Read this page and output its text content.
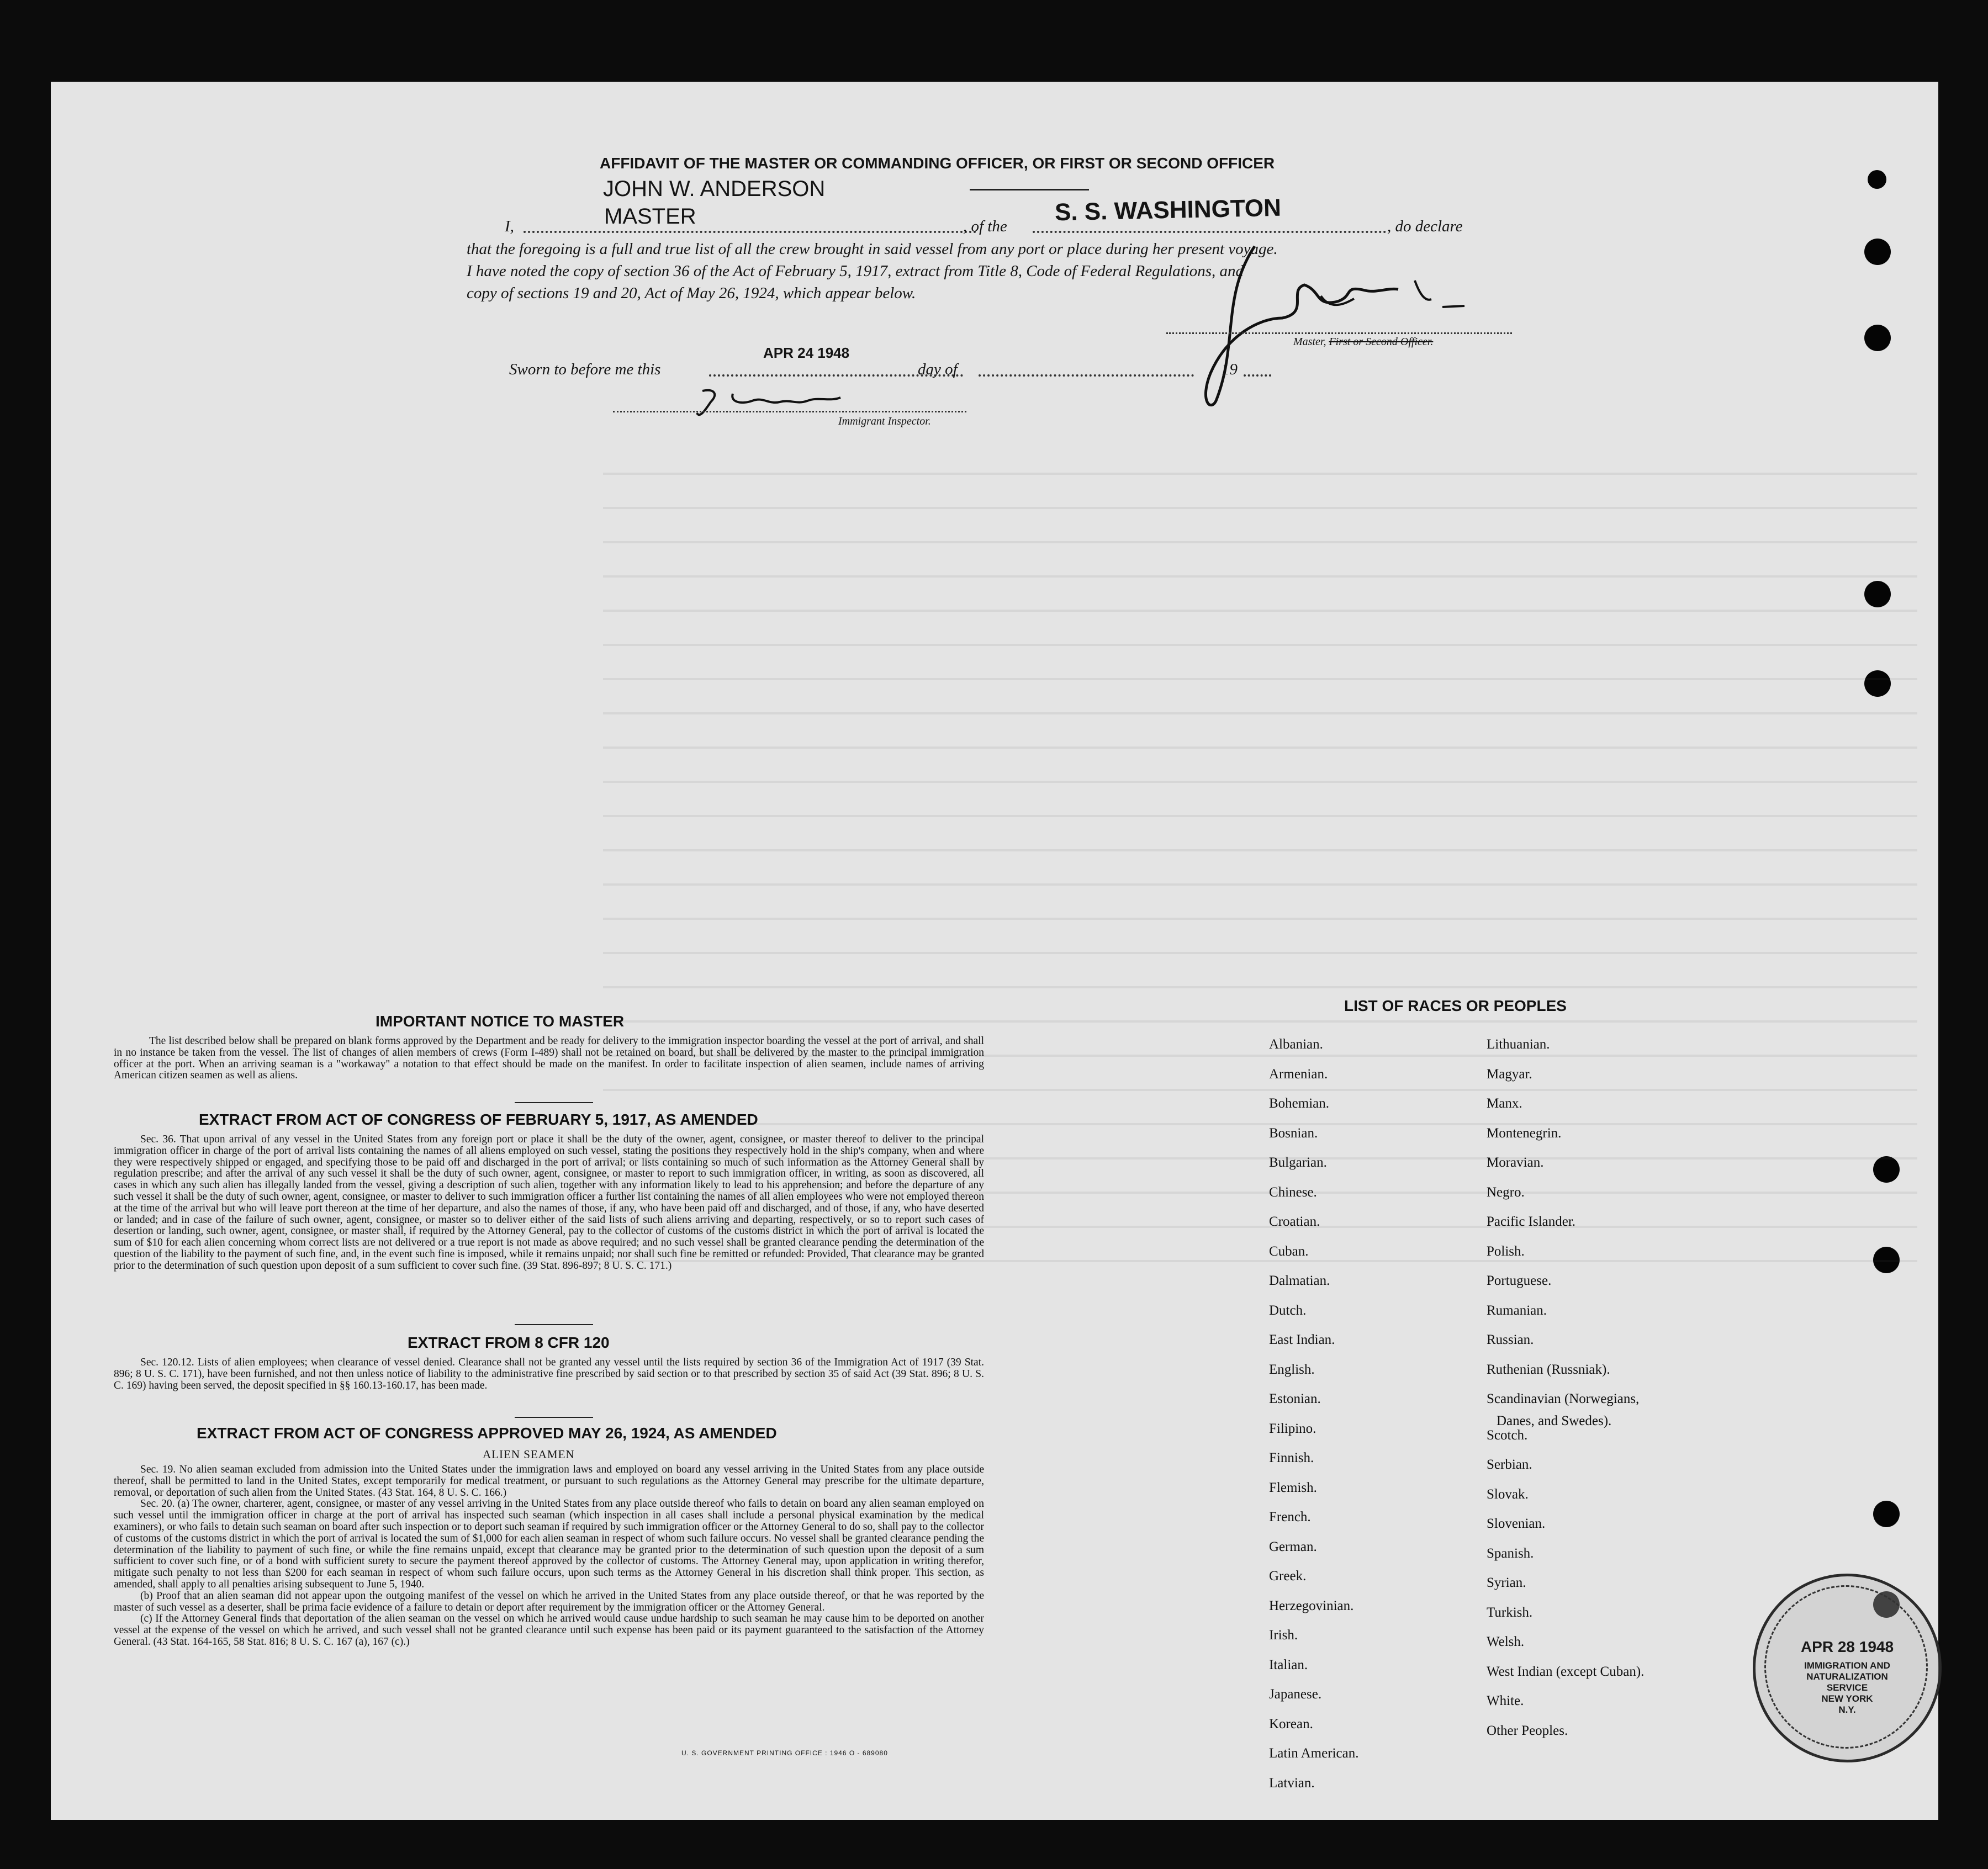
AFFIDAVIT OF THE MASTER OR COMMANDING OFFICER, OR FIRST OR SECOND OFFICER
JOHN W. ANDERSON
MASTER
I,	, of the
S. S. WASHINGTON
, do declare
that the foregoing is a full and true list of all the crew brought in said vessel from any port or place during her present voyage.
I have noted the copy of section 36 of the Act of February 5, 1917, extract from Title 8, Code of Federal Regulations, and
copy of sections 19 and 20, Act of May 26, 1924, which appear below.
Master, First or Second Officer.
Sworn to before me this
APR 24 1948
day of	19
Immigrant Inspector.
IMPORTANT NOTICE TO MASTER

The list described below shall be prepared on blank forms approved by the Department and be ready for delivery to the immigration inspector boarding the vessel at the port of arrival, and shall in no instance be taken from the vessel. The list of changes of alien members of crews (Form I-489) shall not be retained on board, but shall be delivered by the master to the principal immigration officer at the port. When an arriving seaman is a "workaway" a notation to that effect should be made on the manifest. In order to facilitate inspection of alien seamen, include names of arriving American citizen seamen as well as aliens.

EXTRACT FROM ACT OF CONGRESS OF FEBRUARY 5, 1917, AS AMENDED

Sec. 36. That upon arrival of any vessel in the United States from any foreign port or place it shall be the duty of the owner, agent, consignee, or master thereof to deliver to the principal immigration officer in charge of the port of arrival lists containing the names of all aliens employed on such vessel, stating the positions they respectively hold in the ship's company, when and where they were respectively shipped or engaged, and specifying those to be paid off and discharged in the port of arrival; or lists containing so much of such information as the Attorney General shall by regulation prescribe; and after the arrival of any such vessel it shall be the duty of such owner, agent, consignee, or master to report to such immigration officer, in writing, as soon as discovered, all cases in which any such alien has illegally landed from the vessel, giving a description of such alien, together with any information likely to lead to his apprehension; and before the departure of any such vessel it shall be the duty of such owner, agent, consignee, or master to deliver to such immigration officer a further list containing the names of all alien employees who were not employed thereon at the time of the arrival but who will leave port thereon at the time of her departure, and also the names of those, if any, who have been paid off and discharged, and of those, if any, who have deserted or landed; and in case of the failure of such owner, agent, consignee, or master so to deliver either of the said lists of such aliens arriving and departing, respectively, or so to report such cases of desertion or landing, such owner, agent, consignee, or master shall, if required by the Attorney General, pay to the collector of customs of the customs district in which the port of arrival is located the sum of $10 for each alien concerning whom correct lists are not delivered or a true report is not made as above required; and no such vessel shall be granted clearance pending the determination of the question of the liability to the payment of such fine, and, in the event such fine is imposed, while it remains unpaid; nor shall such fine be remitted or refunded: Provided, That clearance may be granted prior to the determination of such question upon deposit of a sum sufficient to cover such fine. (39 Stat. 896-897; 8 U. S. C. 171.)

EXTRACT FROM 8 CFR 120

Sec. 120.12. Lists of alien employees; when clearance of vessel denied. Clearance shall not be granted any vessel until the lists required by section 36 of the Immigration Act of 1917 (39 Stat. 896; 8 U. S. C. 171), have been furnished, and not then unless notice of liability to the administrative fine prescribed by said section or to that prescribed by section 35 of said Act (39 Stat. 896; 8 U. S. C. 169) having been served, the deposit specified in §§ 160.13-160.17, has been made.

EXTRACT FROM ACT OF CONGRESS APPROVED MAY 26, 1924, AS AMENDED
ALIEN SEAMEN

Sec. 19. No alien seaman excluded from admission into the United States under the immigration laws and employed on board any vessel arriving in the United States from any place outside thereof, shall be permitted to land in the United States, except temporarily for medical treatment, or pursuant to such regulations as the Attorney General may prescribe for the ultimate departure, removal, or deportation of such alien from the United States. (43 Stat. 164, 8 U. S. C. 166.)

Sec. 20. (a) The owner, charterer, agent, consignee, or master of any vessel arriving in the United States from any place outside thereof who fails to detain on board any alien seaman employed on such vessel until the immigration officer in charge at the port of arrival has inspected such seaman (which inspection in all cases shall include a personal physical examination by the medical examiners), or who fails to detain such seaman on board after such inspection or to deport such seaman if required by such immigration officer or the Attorney General to do so, shall pay to the collector of customs of the customs district in which the port of arrival is located the sum of $1,000 for each alien seaman in respect of whom such failure occurs. No vessel shall be granted clearance pending the determination of the liability to payment of such fine, or while the fine remains unpaid, except that clearance may be granted prior to the determination of such question upon the deposit of a sum sufficient to cover such fine, or of a bond with sufficient surety to secure the payment thereof approved by the collector of customs. The Attorney General may, upon application in writing therefor, mitigate such penalty to not less than $200 for each seaman in respect of whom such failure occurs, upon such terms as the Attorney General in his discretion shall think proper. This section, as amended, shall apply to all penalties arising subsequent to June 5, 1940.

(b) Proof that an alien seaman did not appear upon the outgoing manifest of the vessel on which he arrived in the United States from any place outside thereof, or that he was reported by the master of such vessel as a deserter, shall be prima facie evidence of a failure to detain or deport after requirement by the immigration officer or the Attorney General.

(c) If the Attorney General finds that deportation of the alien seaman on the vessel on which he arrived would cause undue hardship to such seaman he may cause him to be deported on another vessel at the expense of the vessel on which he arrived, and such vessel shall not be granted clearance until such expense has been paid or its payment guaranteed to the satisfaction of the Attorney General. (43 Stat. 164-165, 58 Stat. 816; 8 U. S. C. 167 (a), 167 (c).)

U. S. GOVERNMENT PRINTING OFFICE : 1946 O - 689080
LIST OF RACES OR PEOPLES
APR 28 1948
IMMIGRATION AND
NATURALIZATION
SERVICE
NEW YORK
N.Y.
Albanian.
Armenian.
Bohemian.
Bosnian.
Bulgarian.
Chinese.
Croatian.
Cuban.
Dalmatian.
Dutch.
East Indian.
English.
Estonian.
Filipino.
Finnish.
Flemish.
French.
German.
Greek.
Herzegovinian.
Irish.
Italian.
Japanese.
Korean.
Latin American.
Latvian.
Lithuanian.
Magyar.
Manx.
Montenegrin.
Moravian.
Negro.
Pacific Islander.
Polish.
Portuguese.
Rumanian.
Russian.
Ruthenian (Russniak).
Scandinavian (Norwegians,
Danes, and Swedes).
Scotch.
Serbian.
Slovak.
Slovenian.
Spanish.
Syrian.
Turkish.
Welsh.
West Indian (except Cuban).
White.
Other Peoples.
